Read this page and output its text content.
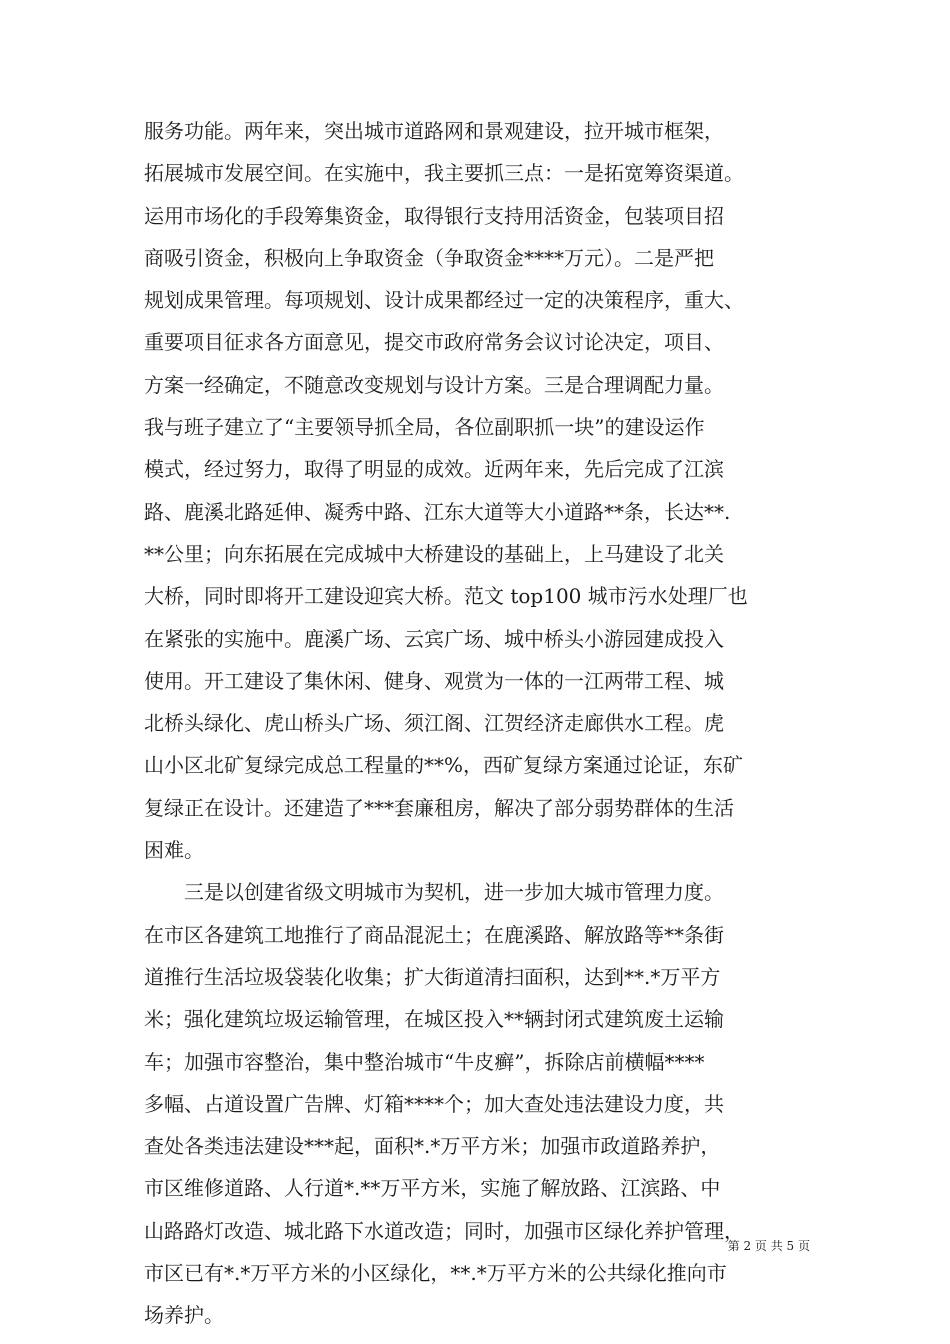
服务功能。两年来，突出城市道路网和景观建设，拉开城市框架，
拓展城市发展空间。在实施中，我主要抓三点：一是拓宽筹资渠道。
运用市场化的手段筹集资金，取得银行支持用活资金，包装项目招
商吸引资金，积极向上争取资金（争取资金****万元）。二是严把
规划成果管理。每项规划、设计成果都经过一定的决策程序，重大、
重要项目征求各方面意见，提交市政府常务会议讨论决定，项目、
方案一经确定，不随意改变规划与设计方案。三是合理调配力量。
我与班子建立了“主要领导抓全局，各位副职抓一块”的建设运作
模式，经过努力，取得了明显的成效。近两年来，先后完成了江滨
路、鹿溪北路延伸、凝秀中路、江东大道等大小道路**条，长达**.
**公里；向东拓展在完成城中大桥建设的基础上，上马建设了北关
大桥，同时即将开工建设迎宾大桥。范文 top100 城市污水处理厂也
在紧张的实施中。鹿溪广场、云宾广场、城中桥头小游园建成投入
使用。开工建设了集休闲、健身、观赏为一体的一江两带工程、城
北桥头绿化、虎山桥头广场、须江阁、江贺经济走廊供水工程。虎
山小区北矿复绿完成总工程量的**%，西矿复绿方案通过论证，东矿
复绿正在设计。还建造了***套廉租房，解决了部分弱势群体的生活
困难。
三是以创建省级文明城市为契机，进一步加大城市管理力度。
在市区各建筑工地推行了商品混泥土；在鹿溪路、解放路等**条街
道推行生活垃圾袋装化收集；扩大街道清扫面积，达到**.*万平方
米；强化建筑垃圾运输管理，在城区投入**辆封闭式建筑废土运输
车；加强市容整治，集中整治城市“牛皮癣”，拆除店前横幅****
多幅、占道设置广告牌、灯箱****个；加大查处违法建设力度，共
查处各类违法建设***起，面积*.*万平方米；加强市政道路养护，
市区维修道路、人行道*.**万平方米，实施了解放路、江滨路、中
山路路灯改造、城北路下水道改造；同时，加强市区绿化养护管理，
市区已有*.*万平方米的小区绿化，**.*万平方米的公共绿化推向市
场养护。
第 2 页 共 5 页
